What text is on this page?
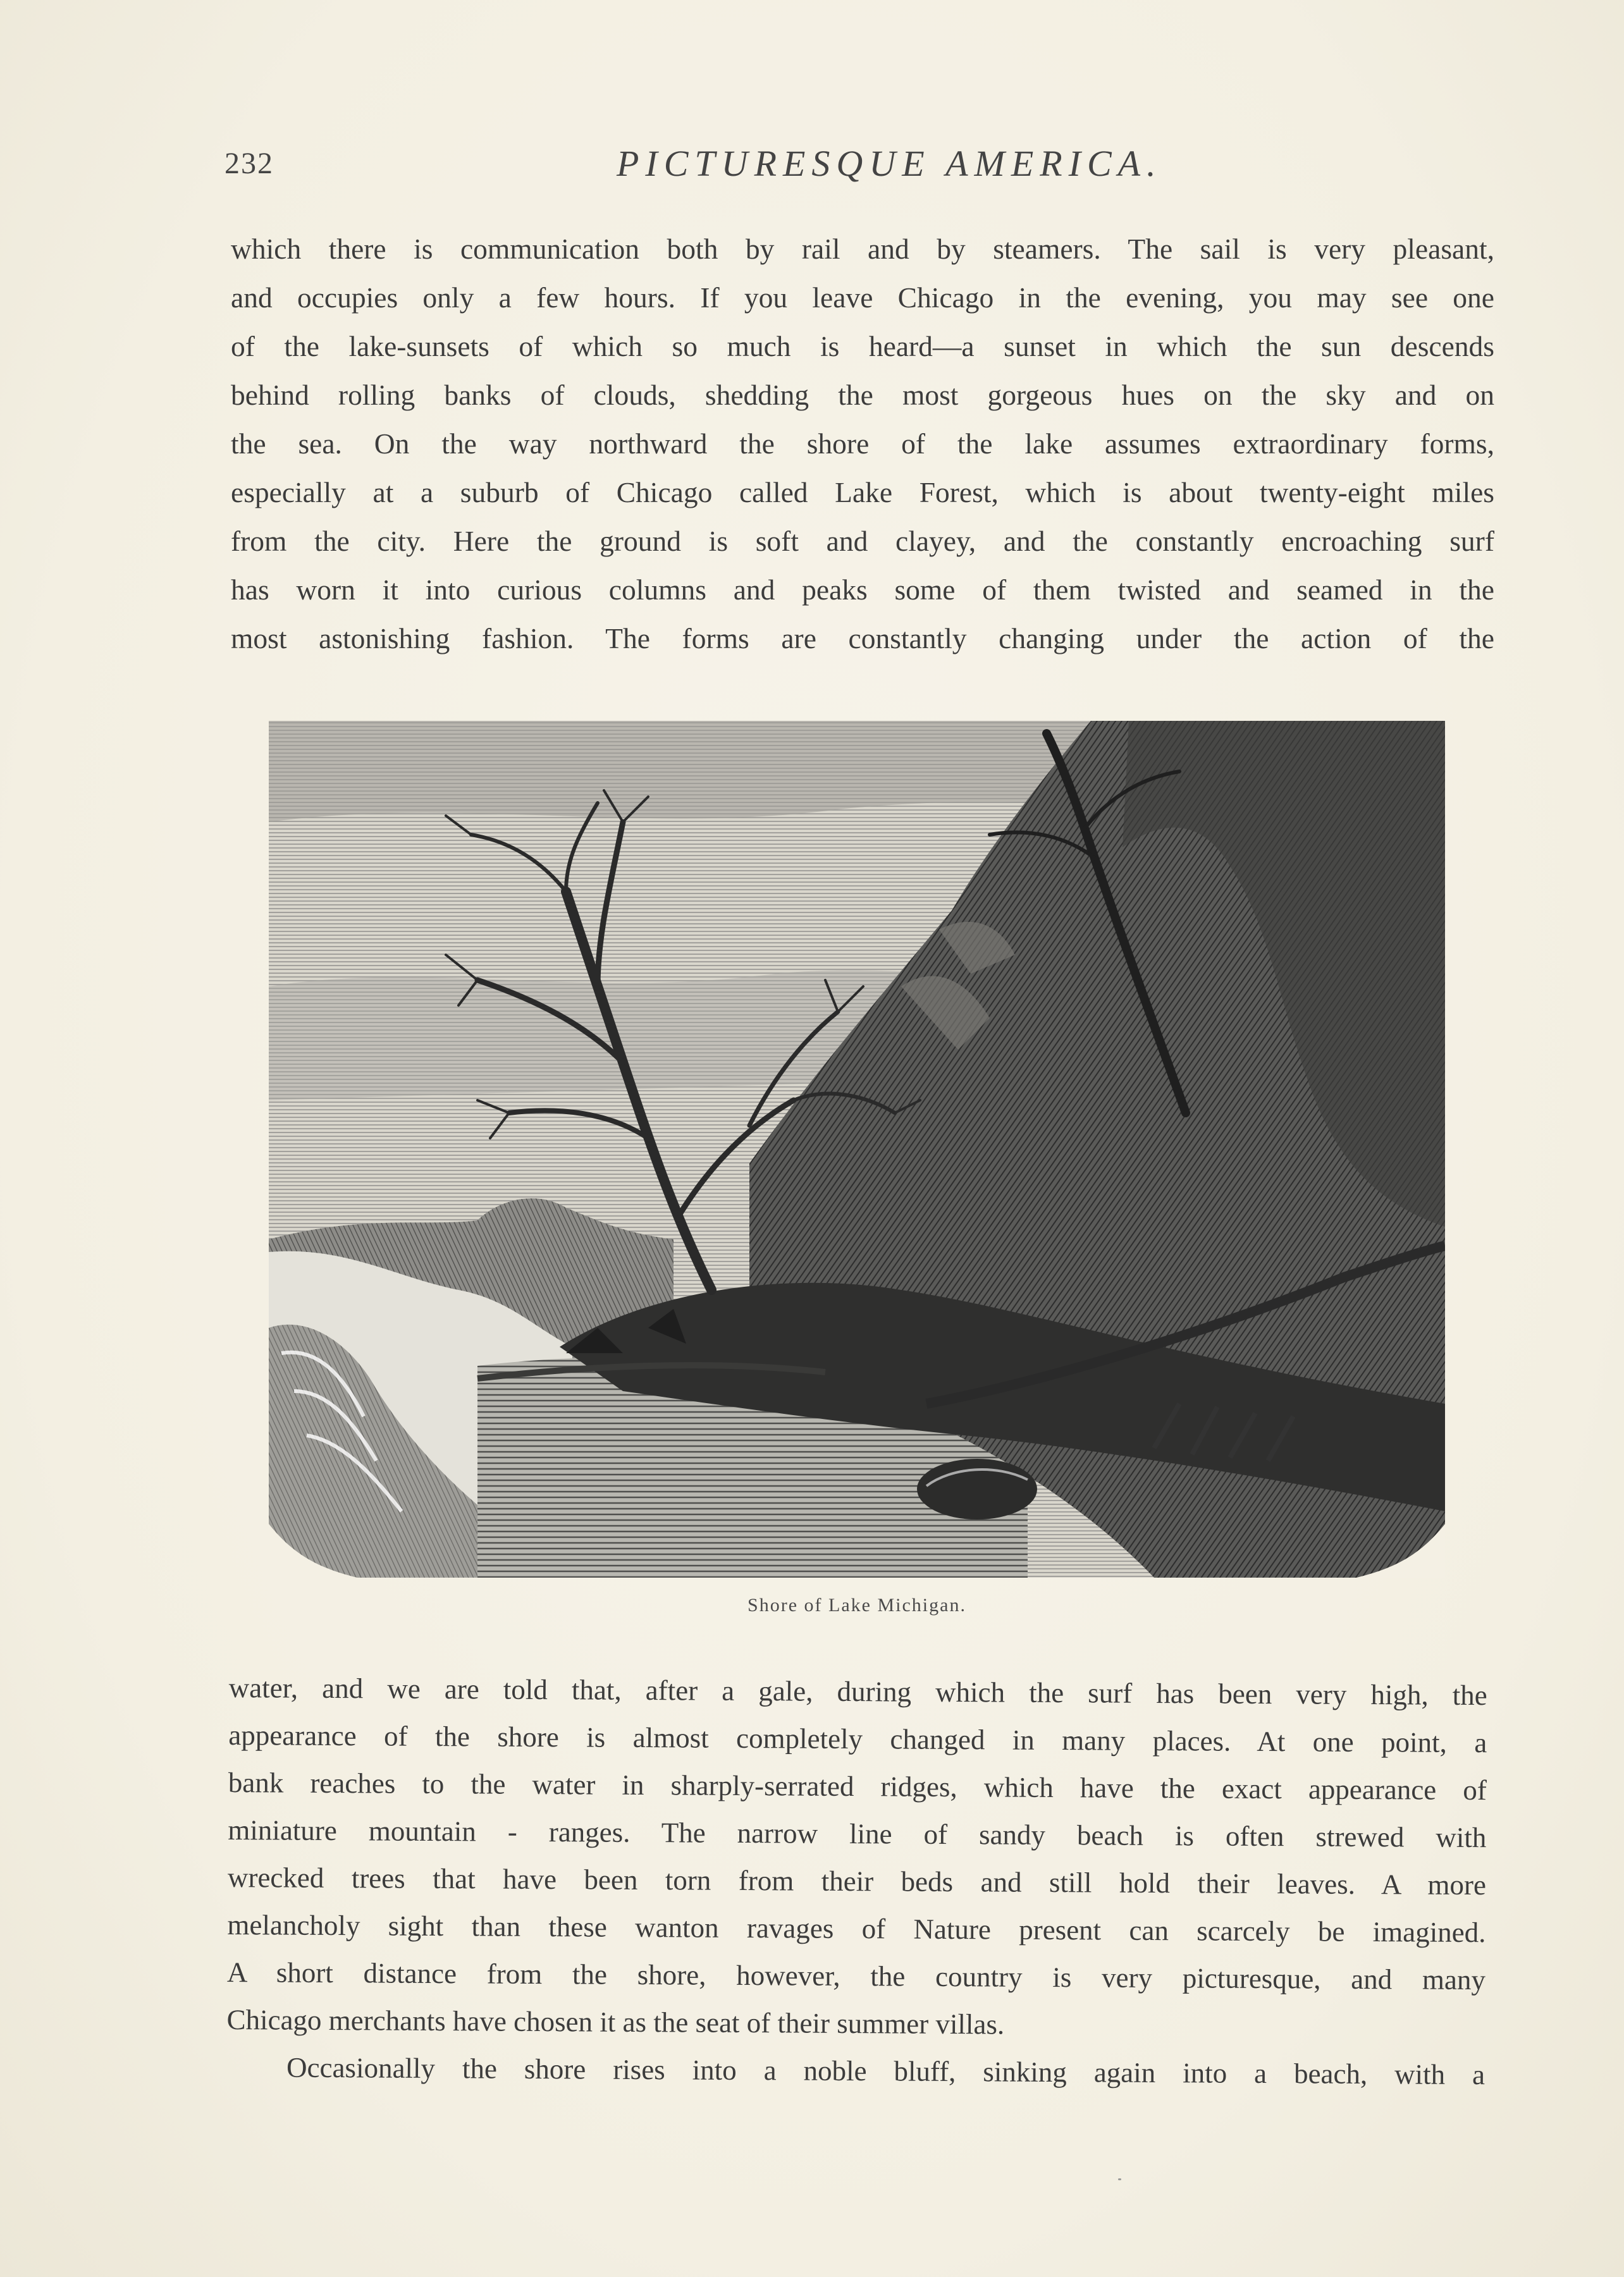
232	PICTURESQUE AMERICA.
which there is communication both by rail and by steamers. The sail is very pleasant,
and occupies only a few hours. If you leave Chicago in the evening, you may see one
of the lake-sunsets of which so much is heard—a sunset in which the sun descends
behind rolling banks of clouds, shedding the most gorgeous hues on the sky and on
the sea. On the way northward the shore of the lake assumes extraordinary forms,
especially at a suburb of Chicago called Lake Forest, which is about twenty-eight miles
from the city. Here the ground is soft and clayey, and the constantly encroaching surf
has worn it into curious columns and peaks some of them twisted and seamed in the
most astonishing fashion. The forms are constantly changing under the action of the
Shore of Lake Michigan.
water, and we are told that, after a gale, during which the surf has been very high, the
appearance of the shore is almost completely changed in many places. At one point, a
bank reaches to the water in sharply-serrated ridges, which have the exact appearance of
miniature mountain - ranges. The narrow line of sandy beach is often strewed with
wrecked trees that have been torn from their beds and still hold their leaves. A more
melancholy sight than these wanton ravages of Nature present can scarcely be imagined.
A short distance from the shore, however, the country is very picturesque, and many
Chicago merchants have chosen it as the seat of their summer villas.
Occasionally the shore rises into a noble bluff, sinking again into a beach, with a
